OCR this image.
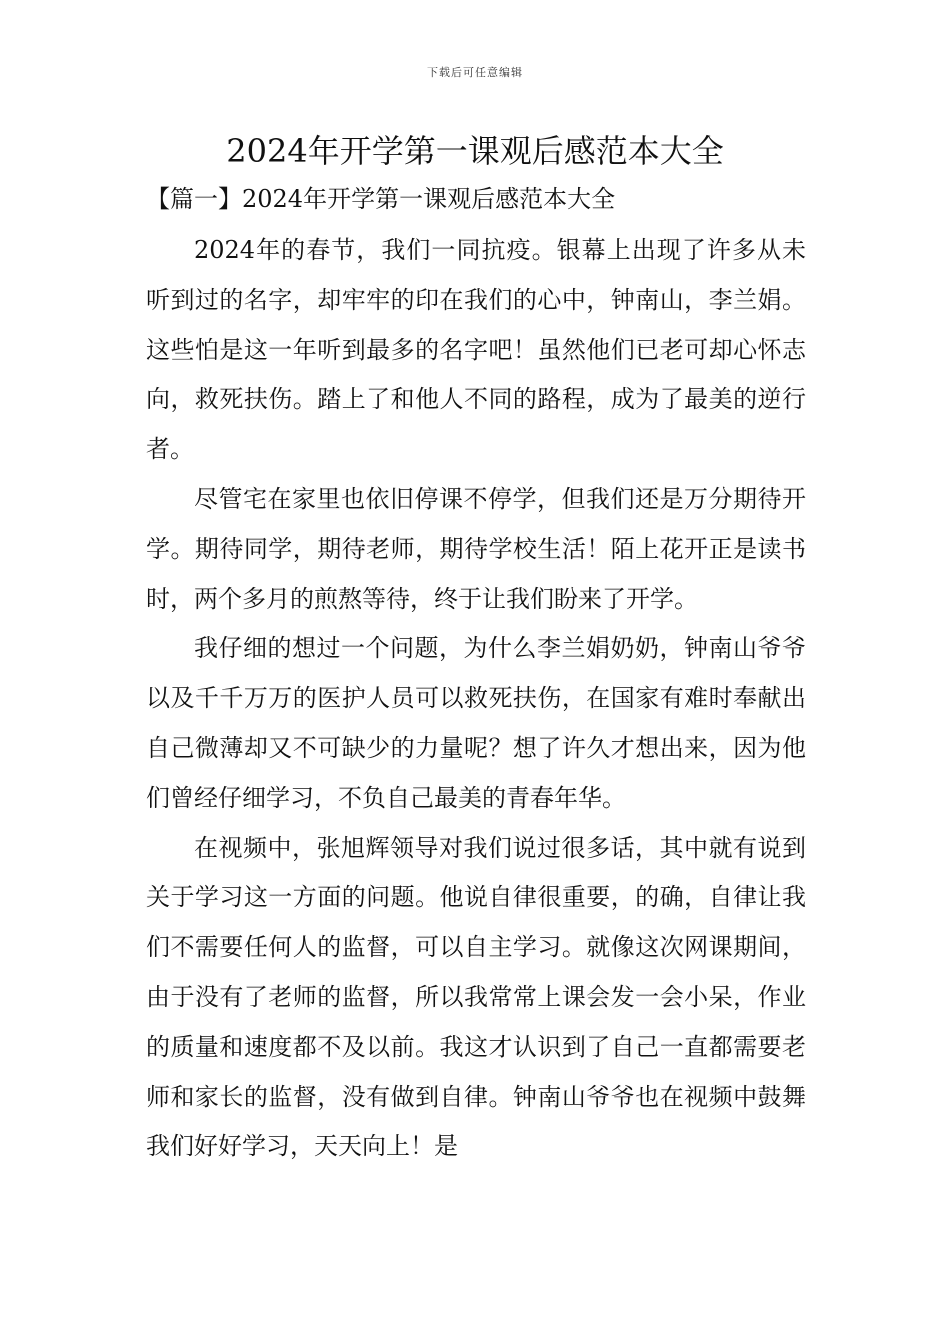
下载后可任意编辑
2024年开学第一课观后感范本大全
【篇一】2024年开学第一课观后感范本大全

2024年的春节，我们一同抗疫。银幕上出现了许多从未听到过的名字，却牢牢的印在我们的心中，钟南山，李兰娟。这些怕是这一年听到最多的名字吧！虽然他们已老可却心怀志向，救死扶伤。踏上了和他人不同的路程，成为了最美的逆行者。

尽管宅在家里也依旧停课不停学，但我们还是万分期待开学。期待同学，期待老师，期待学校生活！陌上花开正是读书时，两个多月的煎熬等待，终于让我们盼来了开学。

我仔细的想过一个问题，为什么李兰娟奶奶，钟南山爷爷以及千千万万的医护人员可以救死扶伤，在国家有难时奉献出自己微薄却又不可缺少的力量呢？想了许久才想出来，因为他们曾经仔细学习，不负自己最美的青春年华。

在视频中，张旭辉领导对我们说过很多话，其中就有说到关于学习这一方面的问题。他说自律很重要，的确，自律让我们不需要任何人的监督，可以自主学习。就像这次网课期间，由于没有了老师的监督，所以我常常上课会发一会小呆，作业的质量和速度都不及以前。我这才认识到了自己一直都需要老师和家长的监督，没有做到自律。钟南山爷爷也在视频中鼓舞我们好好学习，天天向上！是
